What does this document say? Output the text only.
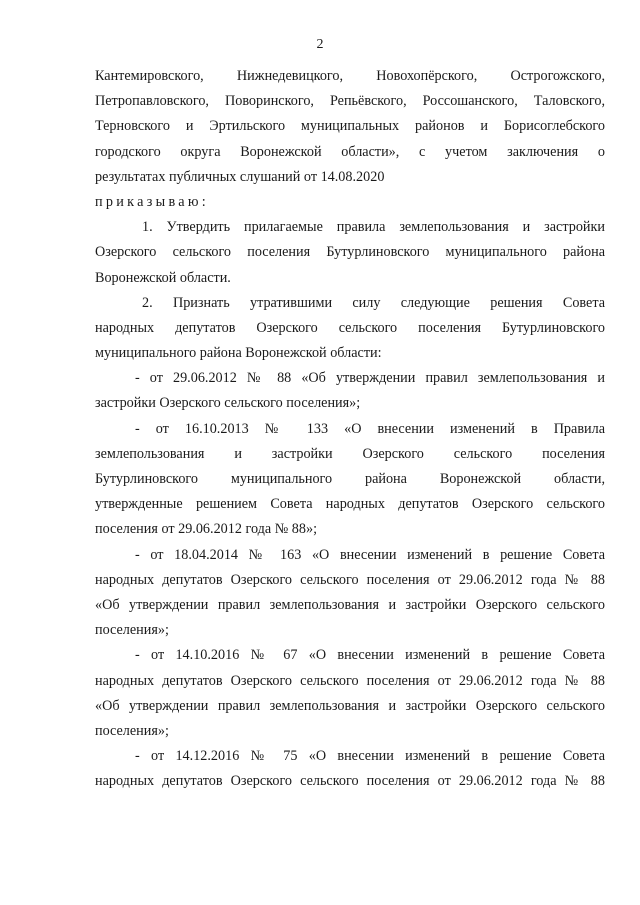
2
Кантемировского, Нижнедевицкого, Новохопёрского, Острогожского,
Петропавловского, Поворинского, Репьёвского, Россошанского, Таловского,
Терновского и Эртильского муниципальных районов и Борисоглебского
городского округа Воронежской области», с учетом заключения о
результатах публичных слушаний от 14.08.2020
приказываю:
1. Утвердить прилагаемые правила землепользования и застройки
Озерского сельского поселения Бутурлиновского муниципального района
Воронежской области.
2. Признать утратившими силу следующие решения Совета
народных депутатов Озерского сельского поселения Бутурлиновского
муниципального района Воронежской области:
- от 29.06.2012 № 88 «Об утверждении правил землепользования и
застройки Озерского сельского поселения»;
- от 16.10.2013 № 133 «О внесении изменений в Правила
землепользования и застройки Озерского сельского поселения
Бутурлиновского муниципального района Воронежской области,
утвержденные решением Совета народных депутатов Озерского сельского
поселения от 29.06.2012 года № 88»;
- от 18.04.2014 № 163 «О внесении изменений в решение Совета
народных депутатов Озерского сельского поселения от 29.06.2012 года № 88
«Об утверждении правил землепользования и застройки Озерского сельского
поселения»;
- от 14.10.2016 № 67 «О внесении изменений в решение Совета
народных депутатов Озерского сельского поселения от 29.06.2012 года № 88
«Об утверждении правил землепользования и застройки Озерского сельского
поселения»;
- от 14.12.2016 № 75 «О внесении изменений в решение Совета
народных депутатов Озерского сельского поселения от 29.06.2012 года № 88
